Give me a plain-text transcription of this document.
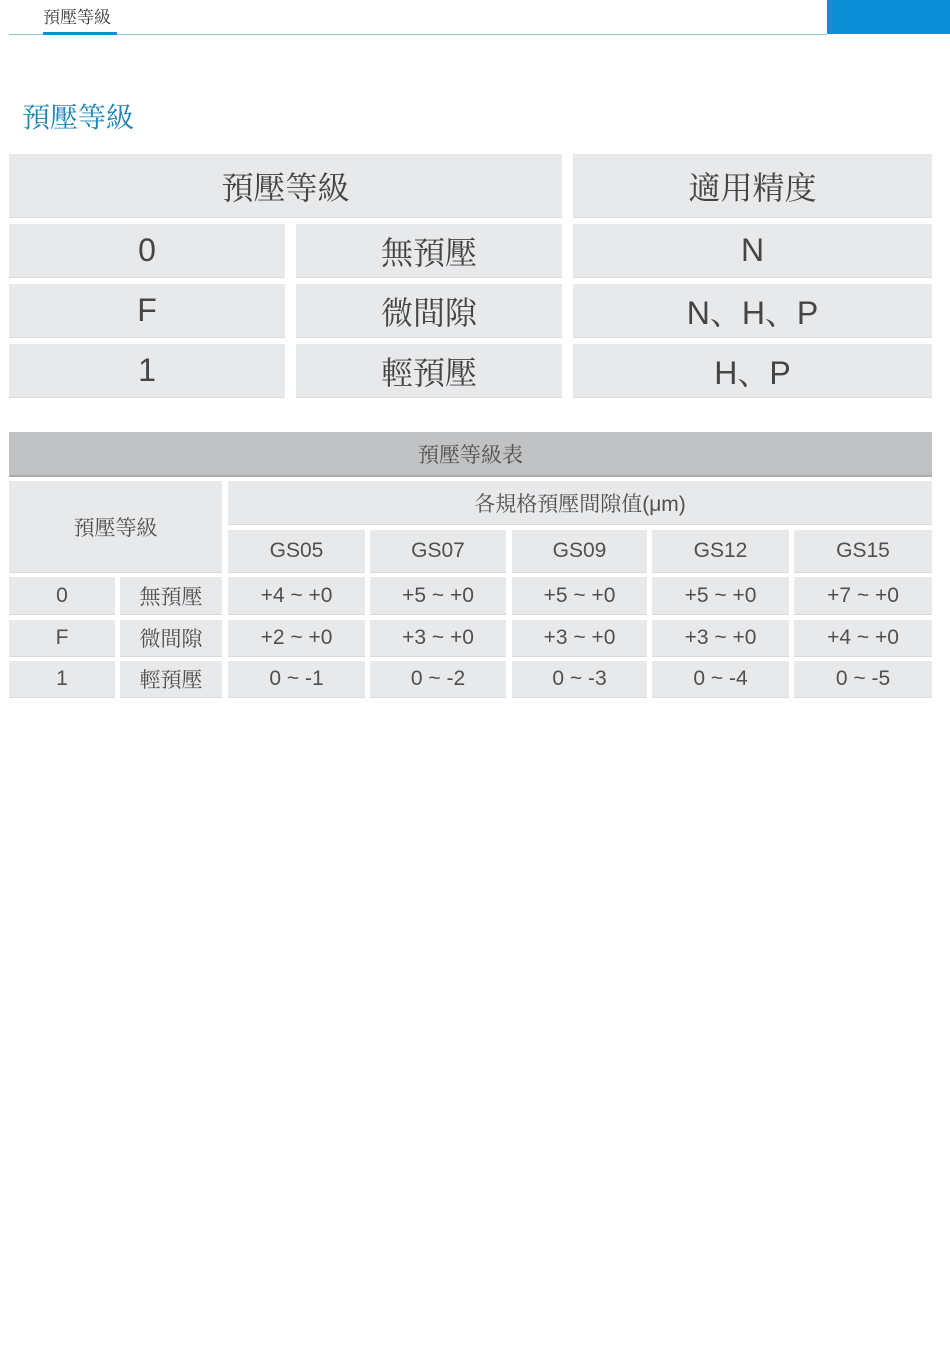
預壓等級
預壓等級
預壓等級	適用精度
0	無預壓	N
F	微間隙	N、H、P
1	輕預壓	H、P
預壓等級表
預壓等級
各規格預壓間隙值(μm)
GS05	GS07	GS09	GS12	GS15
0	無預壓	+4 ~ +0	+5 ~ +0	+5 ~ +0	+5 ~ +0	+7 ~ +0
F	微間隙	+2 ~ +0	+3 ~ +0	+3 ~ +0	+3 ~ +0	+4 ~ +0
1	輕預壓	0 ~ -1	0 ~ -2	0 ~ -3	0 ~ -4	0 ~ -5
